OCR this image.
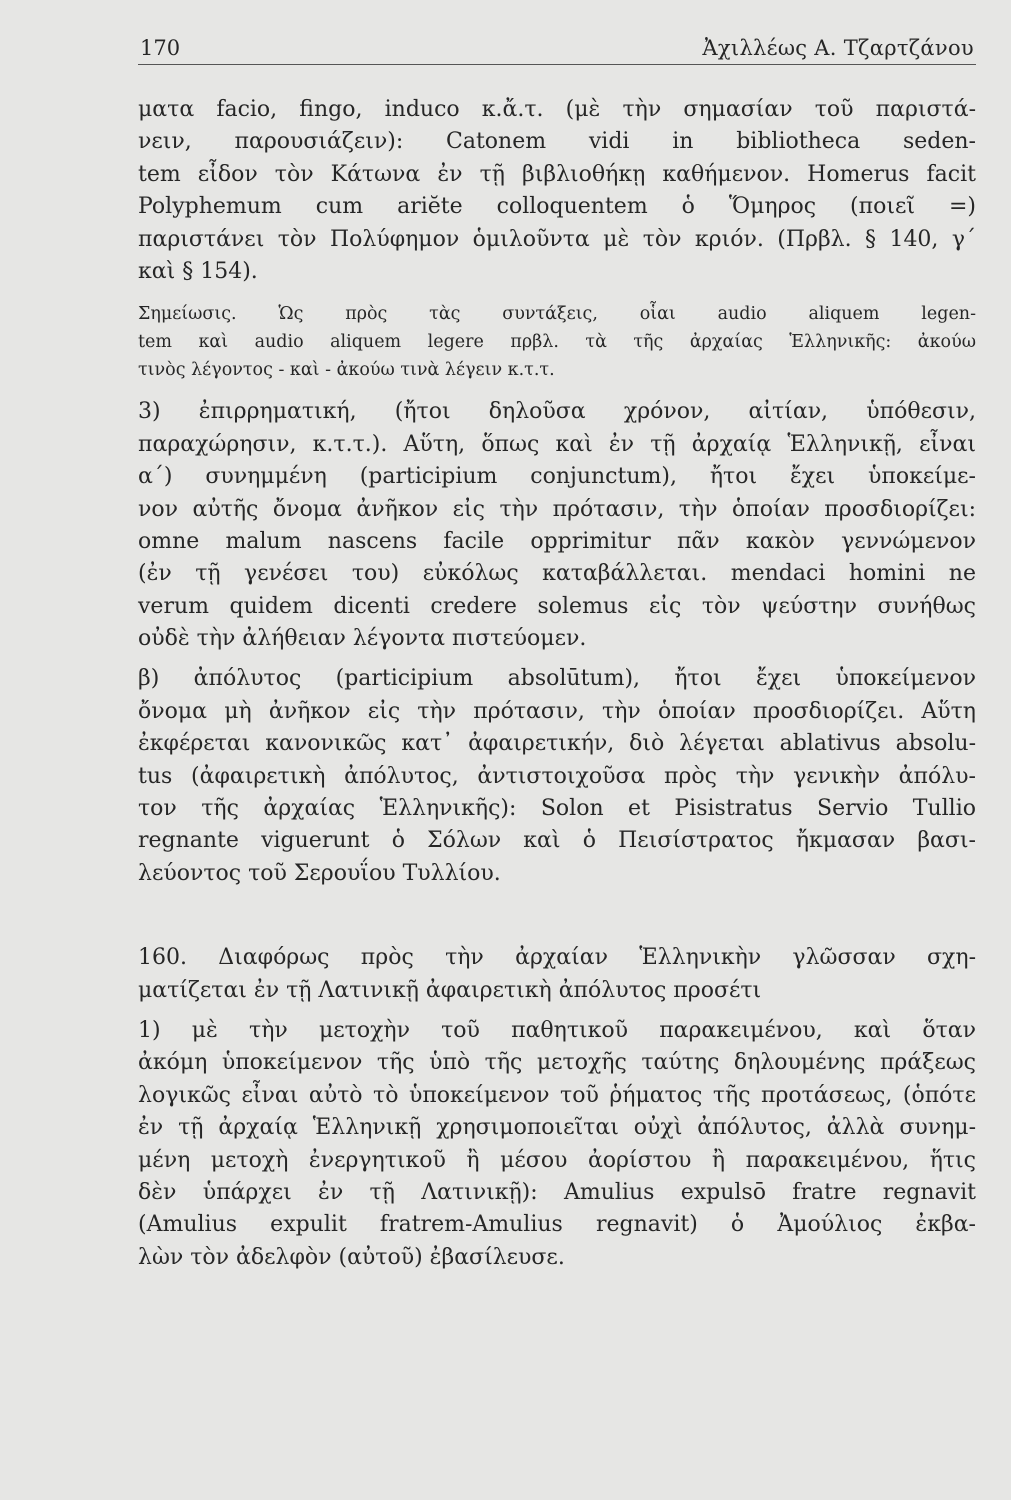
170	Ἀχιλλέως Α. Τζαρτζάνου
ματα facio, fingo, induco κ.ἄ.τ. (μὲ τὴν σημασίαν τοῦ παριστά-
νειν, παρουσιάζειν): Catonem vidi in bibliotheca seden-
tem εἶδον τὸν Κάτωνα ἐν τῇ βιβλιοθήκῃ καθήμενον. Homerus facit
Polyphemum cum ariĕte colloquentem ὁ Ὅμηρος (ποιεῖ =)
παριστάνει τὸν Πολύφημον ὁμιλοῦντα μὲ τὸν κριόν. (Πρβλ. § 140, γ΄
καὶ § 154).
Σημείωσις. Ὡς πρὸς τὰς συντάξεις, οἷαι audio aliquem legen-
tem καὶ audio aliquem legere πρβλ. τὰ τῆς ἀρχαίας Ἑλληνικῆς: ἀκούω
τινὸς λέγοντος - καὶ - ἀκούω τινὰ λέγειν κ.τ.τ.
3) ἐπιρρηματική, (ἤτοι δηλοῦσα χρόνον, αἰτίαν, ὑπόθεσιν,
παραχώρησιν, κ.τ.τ.). Αὕτη, ὅπως καὶ ἐν τῇ ἀρχαίᾳ Ἑλληνικῇ, εἶναι
α΄) συνημμένη (participium conjunctum), ἤτοι ἔχει ὑποκείμε-
νον αὐτῆς ὄνομα ἀνῆκον εἰς τὴν πρότασιν, τὴν ὁποίαν προσδιορίζει:
omne malum nascens facile opprimitur πᾶν κακὸν γεννώμενον
(ἐν τῇ γενέσει του) εὐκόλως καταβάλλεται. mendaci homini ne
verum quidem dicenti credere solemus εἰς τὸν ψεύστην συνήθως
οὐδὲ τὴν ἀλήθειαν λέγοντα πιστεύομεν.
β) ἀπόλυτος (participium absolūtum), ἤτοι ἔχει ὑποκείμενον
ὄνομα μὴ ἀνῆκον εἰς τὴν πρότασιν, τὴν ὁποίαν προσδιορίζει. Αὕτη
ἐκφέρεται κανονικῶς κατ᾿ ἀφαιρετικήν, διὸ λέγεται ablativus absolu-
tus (ἀφαιρετικὴ ἀπόλυτος, ἀντιστοιχοῦσα πρὸς τὴν γενικὴν ἀπόλυ-
τον τῆς ἀρχαίας Ἑλληνικῆς): Solon et Pisistratus Servio Tullio
regnante viguerunt ὁ Σόλων καὶ ὁ Πεισίστρατος ἤκμασαν βασι-
λεύοντος τοῦ Σερουΐου Τυλλίου.
160. Διαφόρως πρὸς τὴν ἀρχαίαν Ἑλληνικὴν γλῶσσαν σχη-
ματίζεται ἐν τῇ Λατινικῇ ἀφαιρετικὴ ἀπόλυτος προσέτι
1) μὲ τὴν μετοχὴν τοῦ παθητικοῦ παρακειμένου, καὶ ὅταν
ἀκόμη ὑποκείμενον τῆς ὑπὸ τῆς μετοχῆς ταύτης δηλουμένης πράξεως
λογικῶς εἶναι αὐτὸ τὸ ὑποκείμενον τοῦ ῥήματος τῆς προτάσεως, (ὁπότε
ἐν τῇ ἀρχαίᾳ Ἑλληνικῇ χρησιμοποιεῖται οὐχὶ ἀπόλυτος, ἀλλὰ συνημ-
μένη μετοχὴ ἐνεργητικοῦ ἢ μέσου ἀορίστου ἢ παρακειμένου, ἥτις
δὲν ὑπάρχει ἐν τῇ Λατινικῇ): Amulius expulsō fratre regnavit
(Amulius expulit fratrem-Amulius regnavit) ὁ Ἀμούλιος ἐκβα-
λὼν τὸν ἀδελφὸν (αὐτοῦ) ἐβασίλευσε.
